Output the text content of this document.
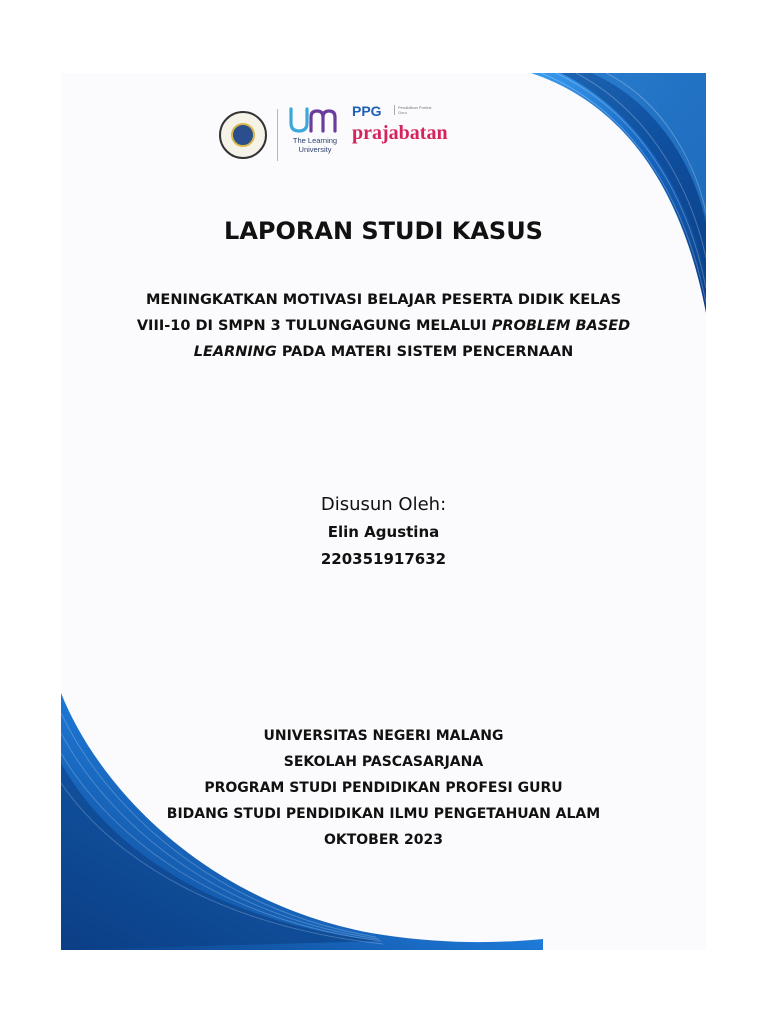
The Learning University
PPG	Pendidikan Profesi Guru
prajabatan
LAPORAN STUDI KASUS
MENINGKATKAN MOTIVASI BELAJAR PESERTA DIDIK KELAS
VIII-10 DI SMPN 3 TULUNGAGUNG MELALUI PROBLEM BASED
LEARNING PADA MATERI SISTEM PENCERNAAN
Disusun Oleh:
Elin Agustina
220351917632
UNIVERSITAS NEGERI MALANG
SEKOLAH PASCASARJANA
PROGRAM STUDI PENDIDIKAN PROFESI GURU
BIDANG STUDI PENDIDIKAN ILMU PENGETAHUAN ALAM
OKTOBER 2023
